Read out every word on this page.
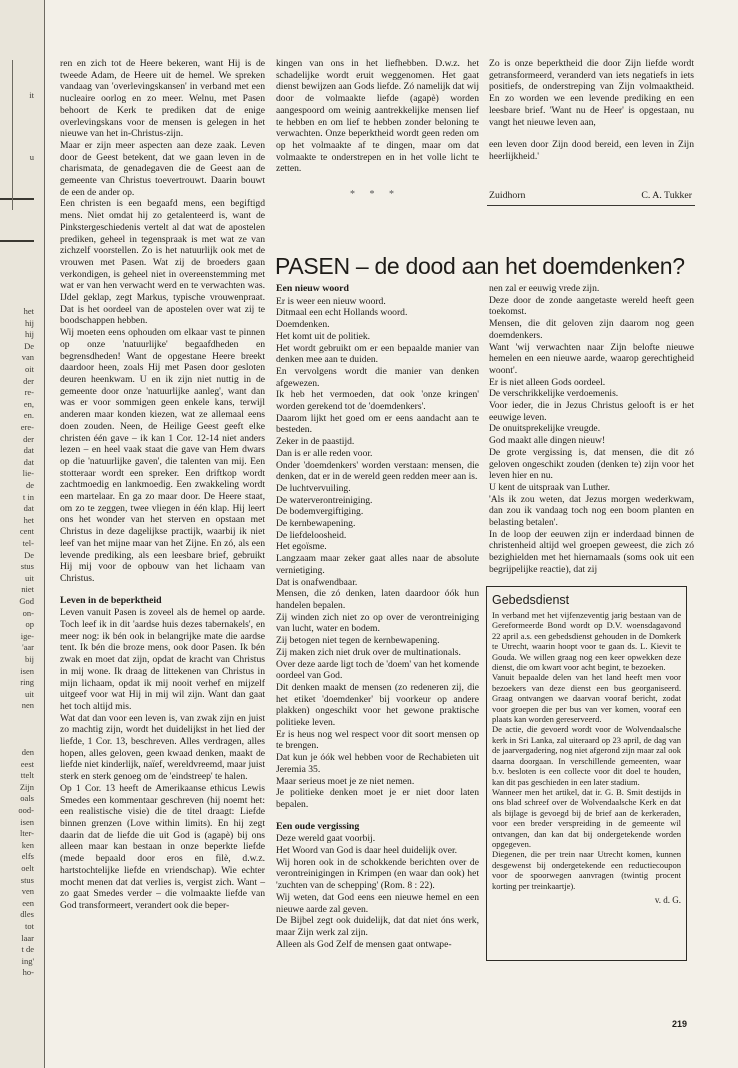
it
u
het
hij
hij
De
van
oit
der
re-
en,
en.
ere-
der
dat
dat
lie-
de
t in
dat
het
cent
tel-
De
stus
uit
niet
God
on-
op
ige-
'aar
bij
isen
ring
uit
nen
den
eest
ttelt
Zijn
oals
ood-
isen
lter-
ken
elfs
oelt
stus
ven
een
dles
tot
laar
t de
ing'
ho-

ren en zich tot de Heere bekeren, want Hij is de tweede Adam, de Heere uit de hemel. We spreken vandaag van 'overlevingskansen' in verband met een nucleaire oorlog en zo meer. Welnu, met Pasen behoort de Kerk te prediken dat de enige overlevingskans voor de mensen is gelegen in het nieuwe van het in-Christus-zijn.

Maar er zijn meer aspecten aan deze zaak. Leven door de Geest betekent, dat we gaan leven in de charismata, de genadegaven die de Geest aan de gemeente van Christus toevertrouwt. Daarin bouwt de een de ander op.

Een christen is een begaafd mens, een begiftigd mens. Niet omdat hij zo getalenteerd is, want de Pinkstergeschiedenis vertelt al dat wat de apostelen prediken, geheel in tegenspraak is met wat ze van zichzelf voorstellen. Zo is het natuurlijk ook met de vrouwen met Pasen. Wat zij de broeders gaan verkondigen, is geheel niet in overeenstemming met wat er van hen verwacht werd en te verwachten was. IJdel geklap, zegt Markus, typische vrouwenpraat. Dat is het oordeel van de apostelen over wat zij te boodschappen hebben.

Wij moeten eens ophouden om elkaar vast te pinnen op onze 'natuurlijke' begaafdheden en begrensdheden! Want de opgestane Heere breekt daardoor heen, zoals Hij met Pasen door gesloten deuren heenkwam. U en ik zijn niet nuttig in de gemeente door onze 'natuurlijke aanleg', want dan was er voor sommigen geen enkele kans, terwijl anderen maar konden kiezen, wat ze allemaal eens doen zouden. Neen, de Heilige Geest geeft elke christen één gave – ik kan 1 Cor. 12-14 niet anders lezen – en heel vaak staat die gave van Hem dwars op die 'natuurlijke gaven', die talenten van mij. Een stotteraar wordt een spreker. Een driftkop wordt zachtmoedig en lankmoedig. Een zwakkeling wordt een martelaar. En ga zo maar door. De Heere staat, om zo te zeggen, twee vliegen in één klap. Hij leert ons het wonder van het sterven en opstaan met Christus in deze dagelijkse practijk, waarbij ik niet leef van het mijne maar van het Zijne. En zó, als een levende prediking, als een leesbare brief, gebruikt Hij mij voor de opbouw van het lichaam van Christus.

Leven in de beperktheid

Leven vanuit Pasen is zoveel als de hemel op aarde. Toch leef ik in dit 'aardse huis dezes tabernakels', en meer nog: ik bén ook in belangrijke mate die aardse tent. Ik bén die broze mens, ook door Pasen. Ik bén zwak en moet dat zijn, opdat de kracht van Christus in mij wone. Ik draag de littekenen van Christus in mijn lichaam, opdat ik mij nooit verhef en mijzelf uitgeef voor wat Hij in mij wil zijn. Want dan gaat het toch altijd mis.

Wat dat dan voor een leven is, van zwak zijn en juist zo machtig zijn, wordt het duidelijkst in het lied der liefde, 1 Cor. 13, beschreven. Alles verdragen, alles hopen, alles geloven, geen kwaad denken, maakt de liefde niet kinderlijk, naïef, wereldvreemd, maar juist sterk en sterk genoeg om de 'eindstreep' te halen.

Op 1 Cor. 13 heeft de Amerikaanse ethicus Lewis Smedes een kommentaar geschreven (hij noemt het: een realistische visie) die de titel draagt: Liefde binnen grenzen (Love within limits). En hij zegt daarin dat de liefde die uit God is (agapè) bij ons alleen maar kan bestaan in onze beperkte liefde (mede bepaald door eros en filè, d.w.z. hartstochtelijke liefde en vriendschap). Wie echter mocht menen dat dat verlies is, vergist zich. Want – zo gaat Smedes verder – die volmaakte liefde van God transformeert, verandert ook die beper-

kingen van ons in het liefhebben. D.w.z. het schadelijke wordt eruit weggenomen. Het gaat dienst bewijzen aan Gods liefde. Zó namelijk dat wij door de volmaakte liefde (agapè) worden aangespoord om weinig aantrekkelijke mensen lief te hebben en om lief te hebben zonder beloning te verwachten. Onze beperktheid wordt geen reden om op het volmaakte af te dingen, maar om dat volmaakte te onderstrepen en in het volle licht te zetten.

* * *

Zo is onze beperktheid die door Zijn liefde wordt getransformeerd, veranderd van iets negatiefs in iets positiefs, de onderstreping van Zijn volmaaktheid. En zo worden we een levende prediking en een leesbare brief. 'Want nu de Heer' is opgestaan, nu vangt het nieuwe leven aan,

een leven door Zijn dood bereid, een leven in Zijn heerlijkheid.'

Zuidhorn	C. A. Tukker
PASEN – de dood aan het doemdenken?
Een nieuw woord

Er is weer een nieuw woord.

Ditmaal een echt Hollands woord.

Doemdenken.

Het komt uit de politiek.

Het wordt gebruikt om er een bepaalde manier van denken mee aan te duiden.

En vervolgens wordt die manier van denken afgewezen.

Ik heb het vermoeden, dat ook 'onze kringen' worden gerekend tot de 'doemdenkers'.

Daarom lijkt het goed om er eens aandacht aan te besteden.

Zeker in de paastijd.

Dan is er alle reden voor.

Onder 'doemdenkers' worden verstaan: mensen, die denken, dat er in de wereld geen redden meer aan is.

De luchtvervuiling.

De waterverontreiniging.

De bodemvergiftiging.

De kernbewapening.

De liefdeloosheid.

Het egoïsme.

Langzaam maar zeker gaat alles naar de absolute vernietiging.

Dat is onafwendbaar.

Mensen, die zó denken, laten daardoor óók hun handelen bepalen.

Zij winden zich niet zo op over de verontreiniging van lucht, water en bodem.

Zij betogen niet tegen de kernbewapening.

Zij maken zich niet druk over de multinationals.

Over deze aarde ligt toch de 'doem' van het komende oordeel van God.

Dit denken maakt de mensen (zo redeneren zij, die het etiket 'doemdenker' bij voorkeur op andere plakken) ongeschikt voor het gewone praktische politieke leven.

Er is heus nog wel respect voor dit soort mensen op te brengen.

Dat kun je óók wel hebben voor de Rechabieten uit Jeremia 35.

Maar serieus moet je ze niet nemen.

Je politieke denken moet je er niet door laten bepalen.

Een oude vergissing

Deze wereld gaat voorbij.

Het Woord van God is daar heel duidelijk over.

Wij horen ook in de schokkende berichten over de verontreinigingen in Krimpen (en waar dan ook) het 'zuchten van de schepping' (Rom. 8 : 22).

Wij weten, dat God eens een nieuwe hemel en een nieuwe aarde zal geven.

De Bijbel zegt ook duidelijk, dat dat niet óns werk, maar Zijn werk zal zijn.

Alleen als God Zelf de mensen gaat ontwape-

nen zal er eeuwig vrede zijn.

Deze door de zonde aangetaste wereld heeft geen toekomst.

Mensen, die dit geloven zijn daarom nog geen doemdenkers.

Want 'wij verwachten naar Zijn belofte nieuwe hemelen en een nieuwe aarde, waarop gerechtigheid woont'.

Er is niet alleen Gods oordeel.

De verschrikkelijke verdoemenis.

Voor ieder, die in Jezus Christus gelooft is er het eeuwige leven.

De onuitsprekelijke vreugde.

God maakt alle dingen nieuw!

De grote vergissing is, dat mensen, die dit zó geloven ongeschikt zouden (denken te) zijn voor het leven hier en nu.

U kent de uitspraak van Luther.

'Als ik zou weten, dat Jezus morgen wederkwam, dan zou ik vandaag toch nog een boom planten en belasting betalen'.

In de loop der eeuwen zijn er inderdaad binnen de christenheid altijd wel groepen geweest, die zich zó bezighielden met het hiernamaals (soms ook uit een begrijpelijke reactie), dat zij

Gebedsdienst

In verband met het vijfenzeventig jarig bestaan van de Gereformeerde Bond wordt op D.V. woensdagavond 22 april a.s. een gebedsdienst gehouden in de Domkerk te Utrecht, waarin hoopt voor te gaan ds. L. Kievit te Gouda. We willen graag nog een keer opwekken deze dienst, die om kwart voor acht begint, te bezoeken.

Vanuit bepaalde delen van het land heeft men voor bezoekers van deze dienst een bus georganiseerd. Graag ontvangen we daarvan vooraf bericht, zodat voor groepen die per bus van ver komen, vooraf een plaats kan worden gereserveerd.

De actie, die gevoerd wordt voor de Wolvendaalsche kerk in Sri Lanka, zal uiteraard op 23 april, de dag van de jaarvergadering, nog niet afgerond zijn maar zal ook daarna doorgaan. In verschillende gemeenten, waar b.v. besloten is een collecte voor dit doel te houden, kan dit pas geschieden in een later stadium.

Wanneer men het artikel, dat ir. G. B. Smit destijds in ons blad schreef over de Wolvendaalsche Kerk en dat als bijlage is gevoegd bij de brief aan de kerkeraden, voor een breder verspreiding in de gemeente wil ontvangen, dan kan dat bij ondergetekende worden opgegeven.

Diegenen, die per trein naar Utrecht komen, kunnen desgewenst bij ondergetekende een reductiecoupon voor de spoorwegen aanvragen (twintig procent korting per treinkaartje).

v. d. G.
219
